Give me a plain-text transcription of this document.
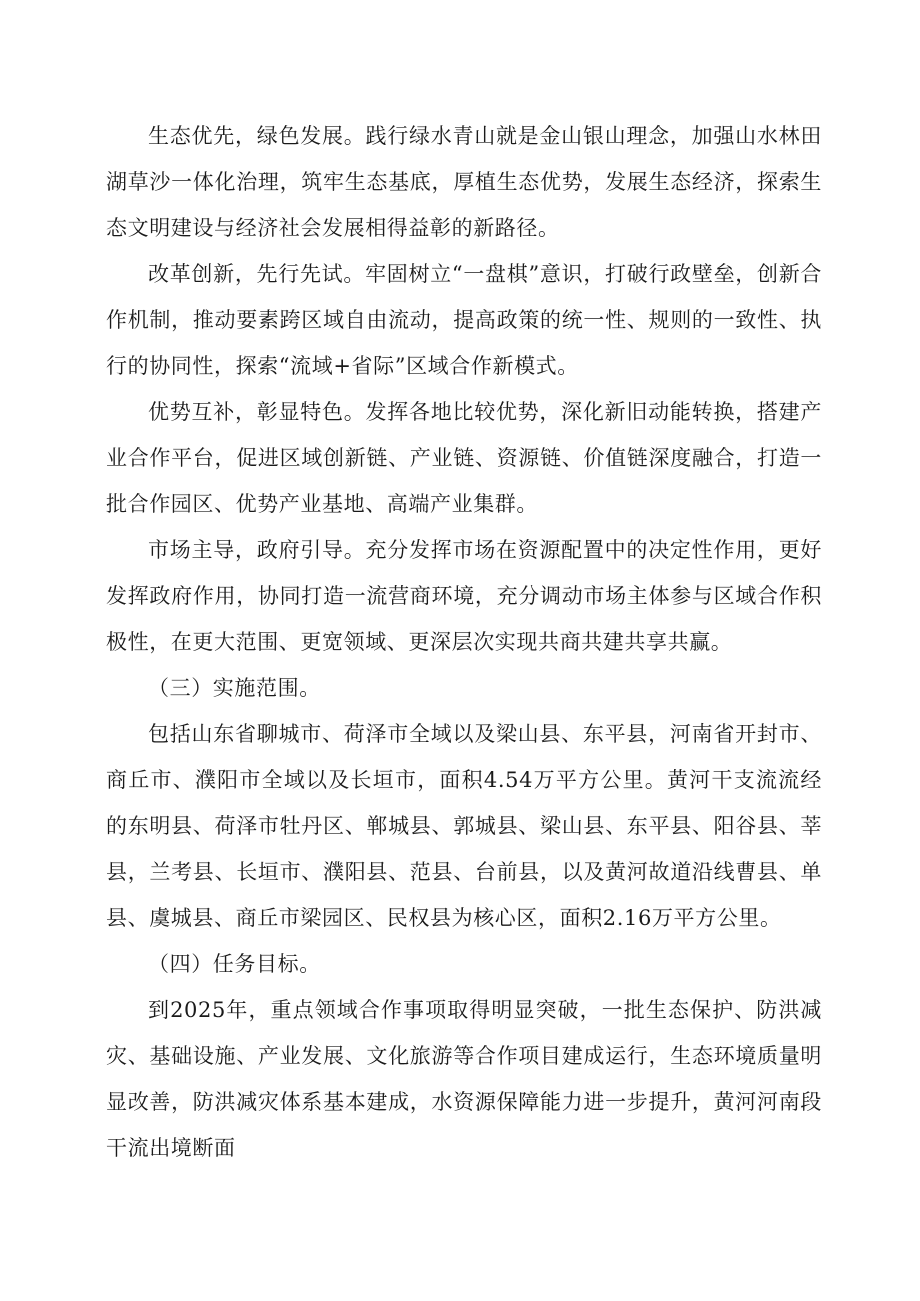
生态优先，绿色发展。践行绿水青山就是金山银山理念，加强山水林田湖草沙一体化治理，筑牢生态基底，厚植生态优势，发展生态经济，探索生态文明建设与经济社会发展相得益彰的新路径。

改革创新，先行先试。牢固树立“一盘棋”意识，打破行政壁垒，创新合作机制，推动要素跨区域自由流动，提高政策的统一性、规则的一致性、执行的协同性，探索“流域+省际”区域合作新模式。

优势互补，彰显特色。发挥各地比较优势，深化新旧动能转换，搭建产业合作平台，促进区域创新链、产业链、资源链、价值链深度融合，打造一批合作园区、优势产业基地、高端产业集群。

市场主导，政府引导。充分发挥市场在资源配置中的决定性作用，更好发挥政府作用，协同打造一流营商环境，充分调动市场主体参与区域合作积极性，在更大范围、更宽领域、更深层次实现共商共建共享共赢。

（三）实施范围。

包括山东省聊城市、荷泽市全域以及梁山县、东平县，河南省开封市、商丘市、濮阳市全域以及长垣市，面积4.54万平方公里。黄河干支流流经的东明县、荷泽市牡丹区、郸城县、郭城县、梁山县、东平县、阳谷县、莘县，兰考县、长垣市、濮阳县、范县、台前县，以及黄河故道沿线曹县、单县、虞城县、商丘市梁园区、民权县为核心区，面积2.16万平方公里。

（四）任务目标。

到2025年，重点领域合作事项取得明显突破，一批生态保护、防洪减灾、基础设施、产业发展、文化旅游等合作项目建成运行，生态环境质量明显改善，防洪减灾体系基本建成，水资源保障能力进一步提升，黄河河南段干流出境断面
